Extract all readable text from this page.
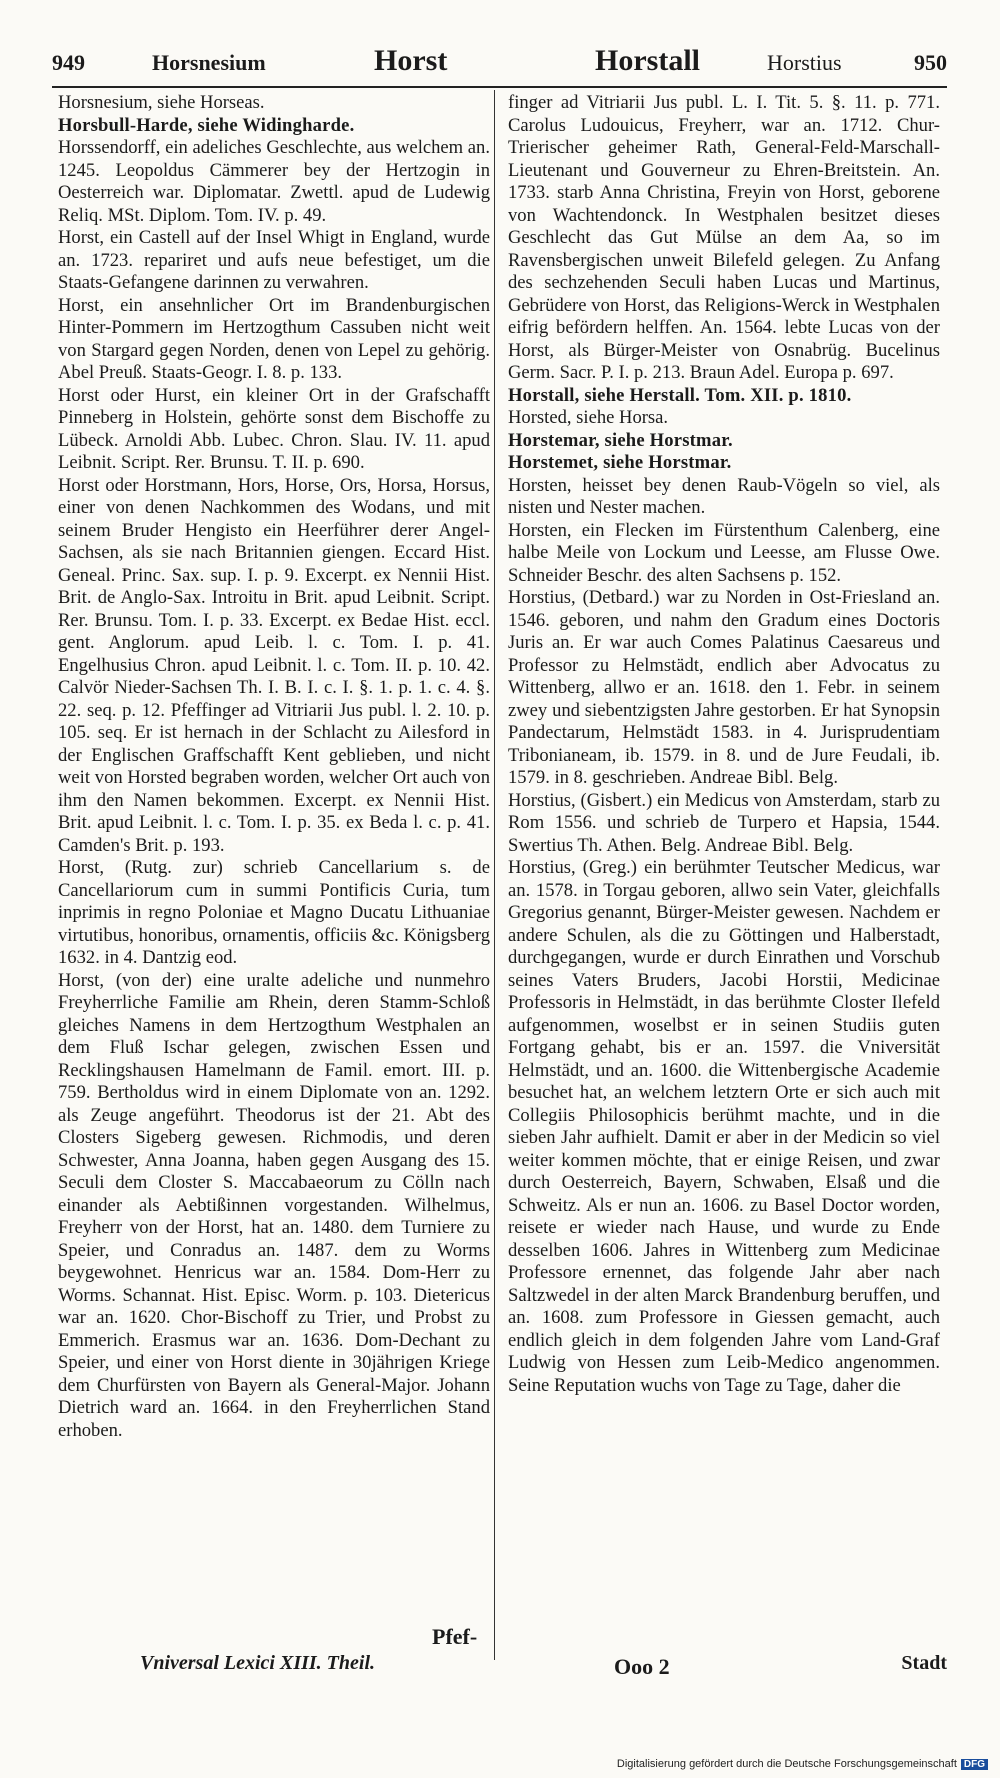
949	Horsnesium	Horst	Horstall	Horstius	950

Horsnesium, siehe Horseas.

Horsbull-Harde, siehe Widingharde.

Horssendorff, ein adeliches Geschlechte, aus welchem an. 1245. Leopoldus Cämmerer bey der Hertzogin in Oesterreich war. Diplomatar. Zwettl. apud de Ludewig Reliq. MSt. Diplom. Tom. IV. p. 49.

Horst, ein Castell auf der Insel Whigt in England, wurde an. 1723. repariret und aufs neue befestiget, um die Staats-Gefangene darinnen zu verwahren.

Horst, ein ansehnlicher Ort im Brandenburgischen Hinter-Pommern im Hertzogthum Cassuben nicht weit von Stargard gegen Norden, denen von Lepel zu gehörig. Abel Preuß. Staats-Geogr. I. 8. p. 133.

Horst oder Hurst, ein kleiner Ort in der Grafschafft Pinneberg in Holstein, gehörte sonst dem Bischoffe zu Lübeck. Arnoldi Abb. Lubec. Chron. Slau. IV. 11. apud Leibnit. Script. Rer. Brunsu. T. II. p. 690.

Horst oder Horstmann, Hors, Horse, Ors, Horsa, Horsus, einer von denen Nachkommen des Wodans, und mit seinem Bruder Hengisto ein Heerführer derer Angel-Sachsen, als sie nach Britannien giengen. Eccard Hist. Geneal. Princ. Sax. sup. I. p. 9. Excerpt. ex Nennii Hist. Brit. de Anglo-Sax. Introitu in Brit. apud Leibnit. Script. Rer. Brunsu. Tom. I. p. 33. Excerpt. ex Bedae Hist. eccl. gent. Anglorum. apud Leib. l. c. Tom. I. p. 41. Engelhusius Chron. apud Leibnit. l. c. Tom. II. p. 10. 42. Calvör Nieder-Sachsen Th. I. B. I. c. I. §. 1. p. 1. c. 4. §. 22. seq. p. 12. Pfeffinger ad Vitriarii Jus publ. l. 2. 10. p. 105. seq. Er ist hernach in der Schlacht zu Ailesford in der Englischen Graffschafft Kent geblieben, und nicht weit von Horsted begraben worden, welcher Ort auch von ihm den Namen bekommen. Excerpt. ex Nennii Hist. Brit. apud Leibnit. l. c. Tom. I. p. 35. ex Beda l. c. p. 41. Camden's Brit. p. 193.

Horst, (Rutg. zur) schrieb Cancellarium s. de Cancellariorum cum in summi Pontificis Curia, tum inprimis in regno Poloniae et Magno Ducatu Lithuaniae virtutibus, honoribus, ornamentis, officiis &c. Königsberg 1632. in 4. Dantzig eod.

Horst, (von der) eine uralte adeliche und nunmehro Freyherrliche Familie am Rhein, deren Stamm-Schloß gleiches Namens in dem Hertzogthum Westphalen an dem Fluß Ischar gelegen, zwischen Essen und Recklingshausen Hamelmann de Famil. emort. III. p. 759. Bertholdus wird in einem Diplomate von an. 1292. als Zeuge angeführt. Theodorus ist der 21. Abt des Closters Sigeberg gewesen. Richmodis, und deren Schwester, Anna Joanna, haben gegen Ausgang des 15. Seculi dem Closter S. Maccabaeorum zu Cölln nach einander als Aebtißinnen vorgestanden. Wilhelmus, Freyherr von der Horst, hat an. 1480. dem Turniere zu Speier, und Conradus an. 1487. dem zu Worms beygewohnet. Henricus war an. 1584. Dom-Herr zu Worms. Schannat. Hist. Episc. Worm. p. 103. Dietericus war an. 1620. Chor-Bischoff zu Trier, und Probst zu Emmerich. Erasmus war an. 1636. Dom-Dechant zu Speier, und einer von Horst diente in 30jährigen Kriege dem Churfürsten von Bayern als General-Major. Johann Dietrich ward an. 1664. in den Freyherrlichen Stand erhoben.

finger ad Vitriarii Jus publ. L. I. Tit. 5. §. 11. p. 771. Carolus Ludouicus, Freyherr, war an. 1712. Chur-Trierischer geheimer Rath, General-Feld-Marschall-Lieutenant und Gouverneur zu Ehren-Breitstein. An. 1733. starb Anna Christina, Freyin von Horst, geborene von Wachtendonck. In Westphalen besitzet dieses Geschlecht das Gut Mülse an dem Aa, so im Ravensbergischen unweit Bilefeld gelegen. Zu Anfang des sechzehenden Seculi haben Lucas und Martinus, Gebrüdere von Horst, das Religions-Werck in Westphalen eifrig befördern helffen. An. 1564. lebte Lucas von der Horst, als Bürger-Meister von Osnabrüg. Bucelinus Germ. Sacr. P. I. p. 213. Braun Adel. Europa p. 697.

Horstall, siehe Herstall. Tom. XII. p. 1810.

Horsted, siehe Horsa.

Horstemar, siehe Horstmar.

Horstemet, siehe Horstmar.

Horsten, heisset bey denen Raub-Vögeln so viel, als nisten und Nester machen.

Horsten, ein Flecken im Fürstenthum Calenberg, eine halbe Meile von Lockum und Leesse, am Flusse Owe. Schneider Beschr. des alten Sachsens p. 152.

Horstius, (Detbard.) war zu Norden in Ost-Friesland an. 1546. geboren, und nahm den Gradum eines Doctoris Juris an. Er war auch Comes Palatinus Caesareus und Professor zu Helmstädt, endlich aber Advocatus zu Wittenberg, allwo er an. 1618. den 1. Febr. in seinem zwey und siebentzigsten Jahre gestorben. Er hat Synopsin Pandectarum, Helmstädt 1583. in 4. Jurisprudentiam Tribonianeam, ib. 1579. in 8. und de Jure Feudali, ib. 1579. in 8. geschrieben. Andreae Bibl. Belg.

Horstius, (Gisbert.) ein Medicus von Amsterdam, starb zu Rom 1556. und schrieb de Turpero et Hapsia, 1544. Swertius Th. Athen. Belg. Andreae Bibl. Belg.

Horstius, (Greg.) ein berühmter Teutscher Medicus, war an. 1578. in Torgau geboren, allwo sein Vater, gleichfalls Gregorius genannt, Bürger-Meister gewesen. Nachdem er andere Schulen, als die zu Göttingen und Halberstadt, durchgegangen, wurde er durch Einrathen und Vorschub seines Vaters Bruders, Jacobi Horstii, Medicinae Professoris in Helmstädt, in das berühmte Closter Ilefeld aufgenommen, woselbst er in seinen Studiis guten Fortgang gehabt, bis er an. 1597. die Vniversität Helmstädt, und an. 1600. die Wittenbergische Academie besuchet hat, an welchem letztern Orte er sich auch mit Collegiis Philosophicis berühmt machte, und in die sieben Jahr aufhielt. Damit er aber in der Medicin so viel weiter kommen möchte, that er einige Reisen, und zwar durch Oesterreich, Bayern, Schwaben, Elsaß und die Schweitz. Als er nun an. 1606. zu Basel Doctor worden, reisete er wieder nach Hause, und wurde zu Ende desselben 1606. Jahres in Wittenberg zum Medicinae Professore ernennet, das folgende Jahr aber nach Saltzwedel in der alten Marck Brandenburg beruffen, und an. 1608. zum Professore in Giessen gemacht, auch endlich gleich in dem folgenden Jahre vom Land-Graf Ludwig von Hessen zum Leib-Medico angenommen. Seine Reputation wuchs von Tage zu Tage, daher die

Pfef-
Vniversal Lexici XIII. Theil.	Ooo 2	Stadt
Digitalisierung gefördert durch die Deutsche Forschungsgemeinschaft DFG
